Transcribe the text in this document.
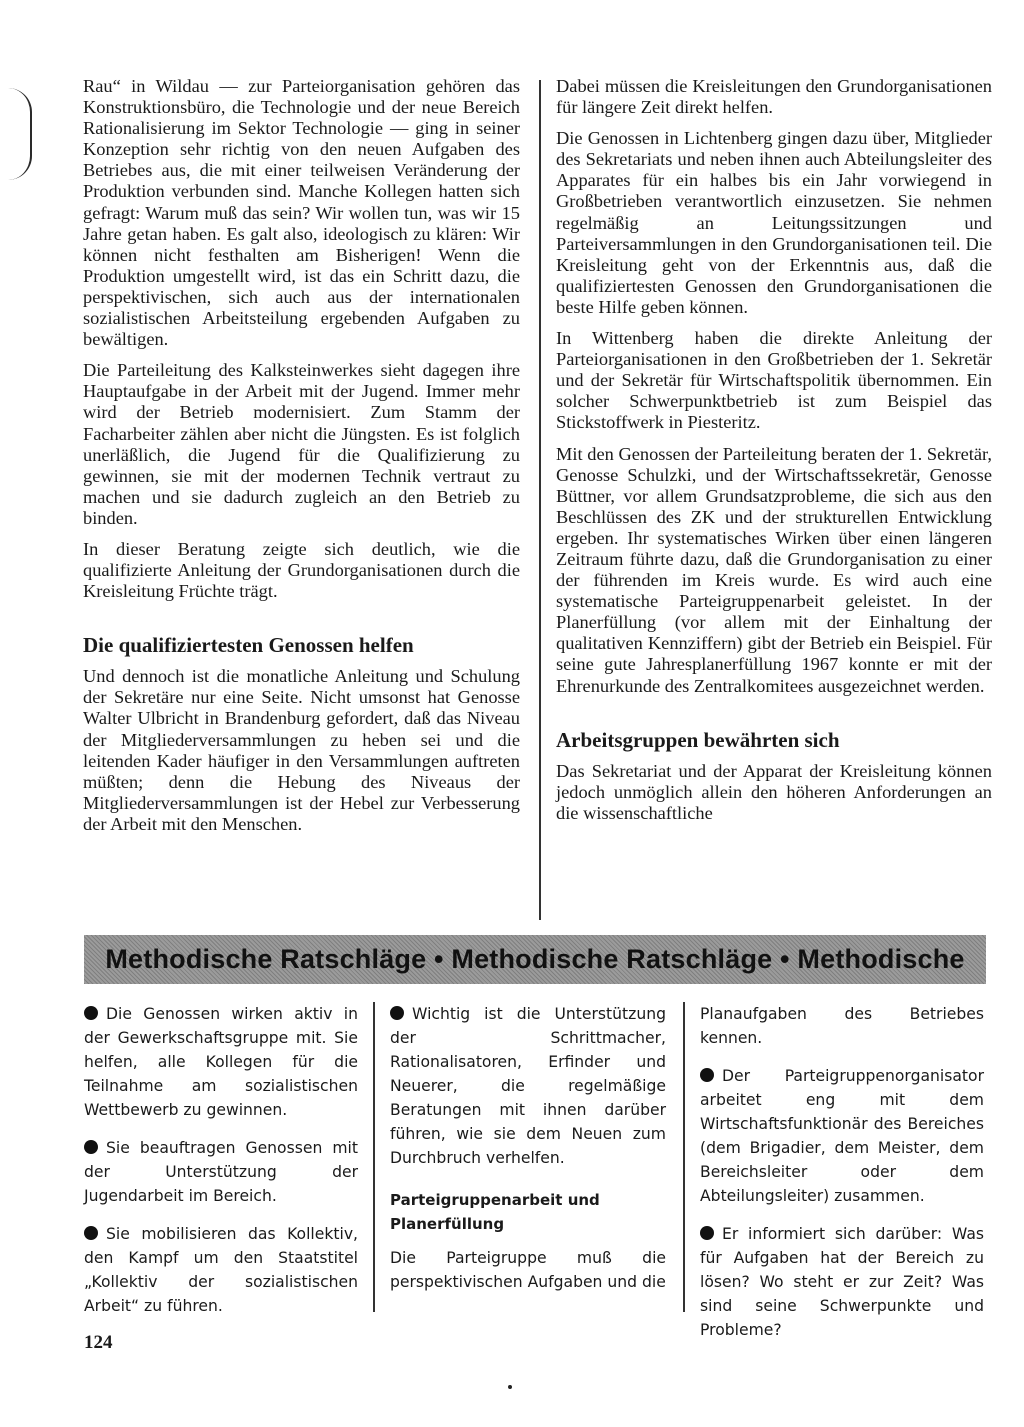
Rau“ in Wildau — zur Parteiorganisation gehören das Konstruktionsbüro, die Technologie und der neue Bereich Rationalisierung im Sektor Technologie — ging in seiner Konzeption sehr richtig von den neuen Aufgaben des Betriebes aus, die mit einer teilweisen Veränderung der Produktion verbunden sind. Manche Kollegen hatten sich gefragt: Warum muß das sein? Wir wollen tun, was wir 15 Jahre getan haben. Es galt also, ideologisch zu klären: Wir können nicht festhalten am Bisherigen! Wenn die Produktion umgestellt wird, ist das ein Schritt dazu, die perspektivischen, sich auch aus der internationalen sozialistischen Arbeitsteilung ergebenden Aufgaben zu bewältigen.

Die Parteileitung des Kalksteinwerkes sieht dagegen ihre Hauptaufgabe in der Arbeit mit der Jugend. Immer mehr wird der Betrieb modernisiert. Zum Stamm der Facharbeiter zählen aber nicht die Jüngsten. Es ist folglich unerläßlich, die Jugend für die Qualifizierung zu gewinnen, sie mit der modernen Technik vertraut zu machen und sie dadurch zugleich an den Betrieb zu binden.

In dieser Beratung zeigte sich deutlich, wie die qualifizierte Anleitung der Grundorganisationen durch die Kreisleitung Früchte trägt.

Die qualifiziertesten Genossen helfen

Und dennoch ist die monatliche Anleitung und Schulung der Sekretäre nur eine Seite. Nicht umsonst hat Genosse Walter Ulbricht in Brandenburg gefordert, daß das Niveau der Mitgliederversammlungen zu heben sei und die leitenden Kader häufiger in den Versammlungen auftreten müßten; denn die Hebung des Niveaus der Mitgliederversammlungen ist der Hebel zur Verbesserung der Arbeit mit den Menschen.

Dabei müssen die Kreisleitungen den Grundorganisationen für längere Zeit direkt helfen.

Die Genossen in Lichtenberg gingen dazu über, Mitglieder des Sekretariats und neben ihnen auch Abteilungsleiter des Apparates für ein halbes bis ein Jahr vorwiegend in Großbetrieben verantwortlich einzusetzen. Sie nehmen regelmäßig an Leitungssitzungen und Parteiversammlungen in den Grundorganisationen teil. Die Kreisleitung geht von der Erkenntnis aus, daß die qualifiziertesten Genossen den Grundorganisationen die beste Hilfe geben können.

In Wittenberg haben die direkte Anleitung der Parteiorganisationen in den Großbetrieben der 1. Sekretär und der Sekretär für Wirtschaftspolitik übernommen. Ein solcher Schwerpunktbetrieb ist zum Beispiel das Stickstoffwerk in Piesteritz.

Mit den Genossen der Parteileitung beraten der 1. Sekretär, Genosse Schulzki, und der Wirtschaftssekretär, Genosse Büttner, vor allem Grundsatzprobleme, die sich aus den Beschlüssen des ZK und der strukturellen Entwicklung ergeben. Ihr systematisches Wirken über einen längeren Zeitraum führte dazu, daß die Grundorganisation zu einer der führenden im Kreis wurde. Es wird auch eine systematische Parteigruppenarbeit geleistet. In der Planerfüllung (vor allem mit der Einhaltung der qualitativen Kennziffern) gibt der Betrieb ein Beispiel. Für seine gute Jahresplanerfüllung 1967 konnte er mit der Ehrenurkunde des Zentralkomitees ausgezeichnet werden.

Arbeitsgruppen bewährten sich

Das Sekretariat und der Apparat der Kreisleitung können jedoch unmöglich allein den höheren Anforderungen an die wissenschaftliche

Methodische Ratschläge • Methodische Ratschläge • Methodische

Die Genossen wirken aktiv in der Gewerkschaftsgruppe mit. Sie helfen, alle Kollegen für die Teilnahme am sozialistischen Wettbewerb zu gewinnen.

Sie beauftragen Genossen mit der Unterstützung der Jugendarbeit im Bereich.

Sie mobilisieren das Kollektiv, den Kampf um den Staatstitel „Kollektiv der sozialistischen Arbeit“ zu führen.

Wichtig ist die Unterstützung der Schrittmacher, Rationalisatoren, Erfinder und Neuerer, die regelmäßige Beratungen mit ihnen darüber führen, wie sie dem Neuen zum Durchbruch verhelfen.

Parteigruppenarbeit und Planerfüllung

Die Parteigruppe muß die perspektivischen Aufgaben und die

Planaufgaben des Betriebes kennen.

Der Parteigruppenorganisator arbeitet eng mit dem Wirtschaftsfunktionär des Bereiches (dem Brigadier, dem Meister, dem Bereichsleiter oder dem Abteilungsleiter) zusammen.

Er informiert sich darüber: Was für Aufgaben hat der Bereich zu lösen? Wo steht er zur Zeit? Was sind seine Schwerpunkte und Probleme?

124
